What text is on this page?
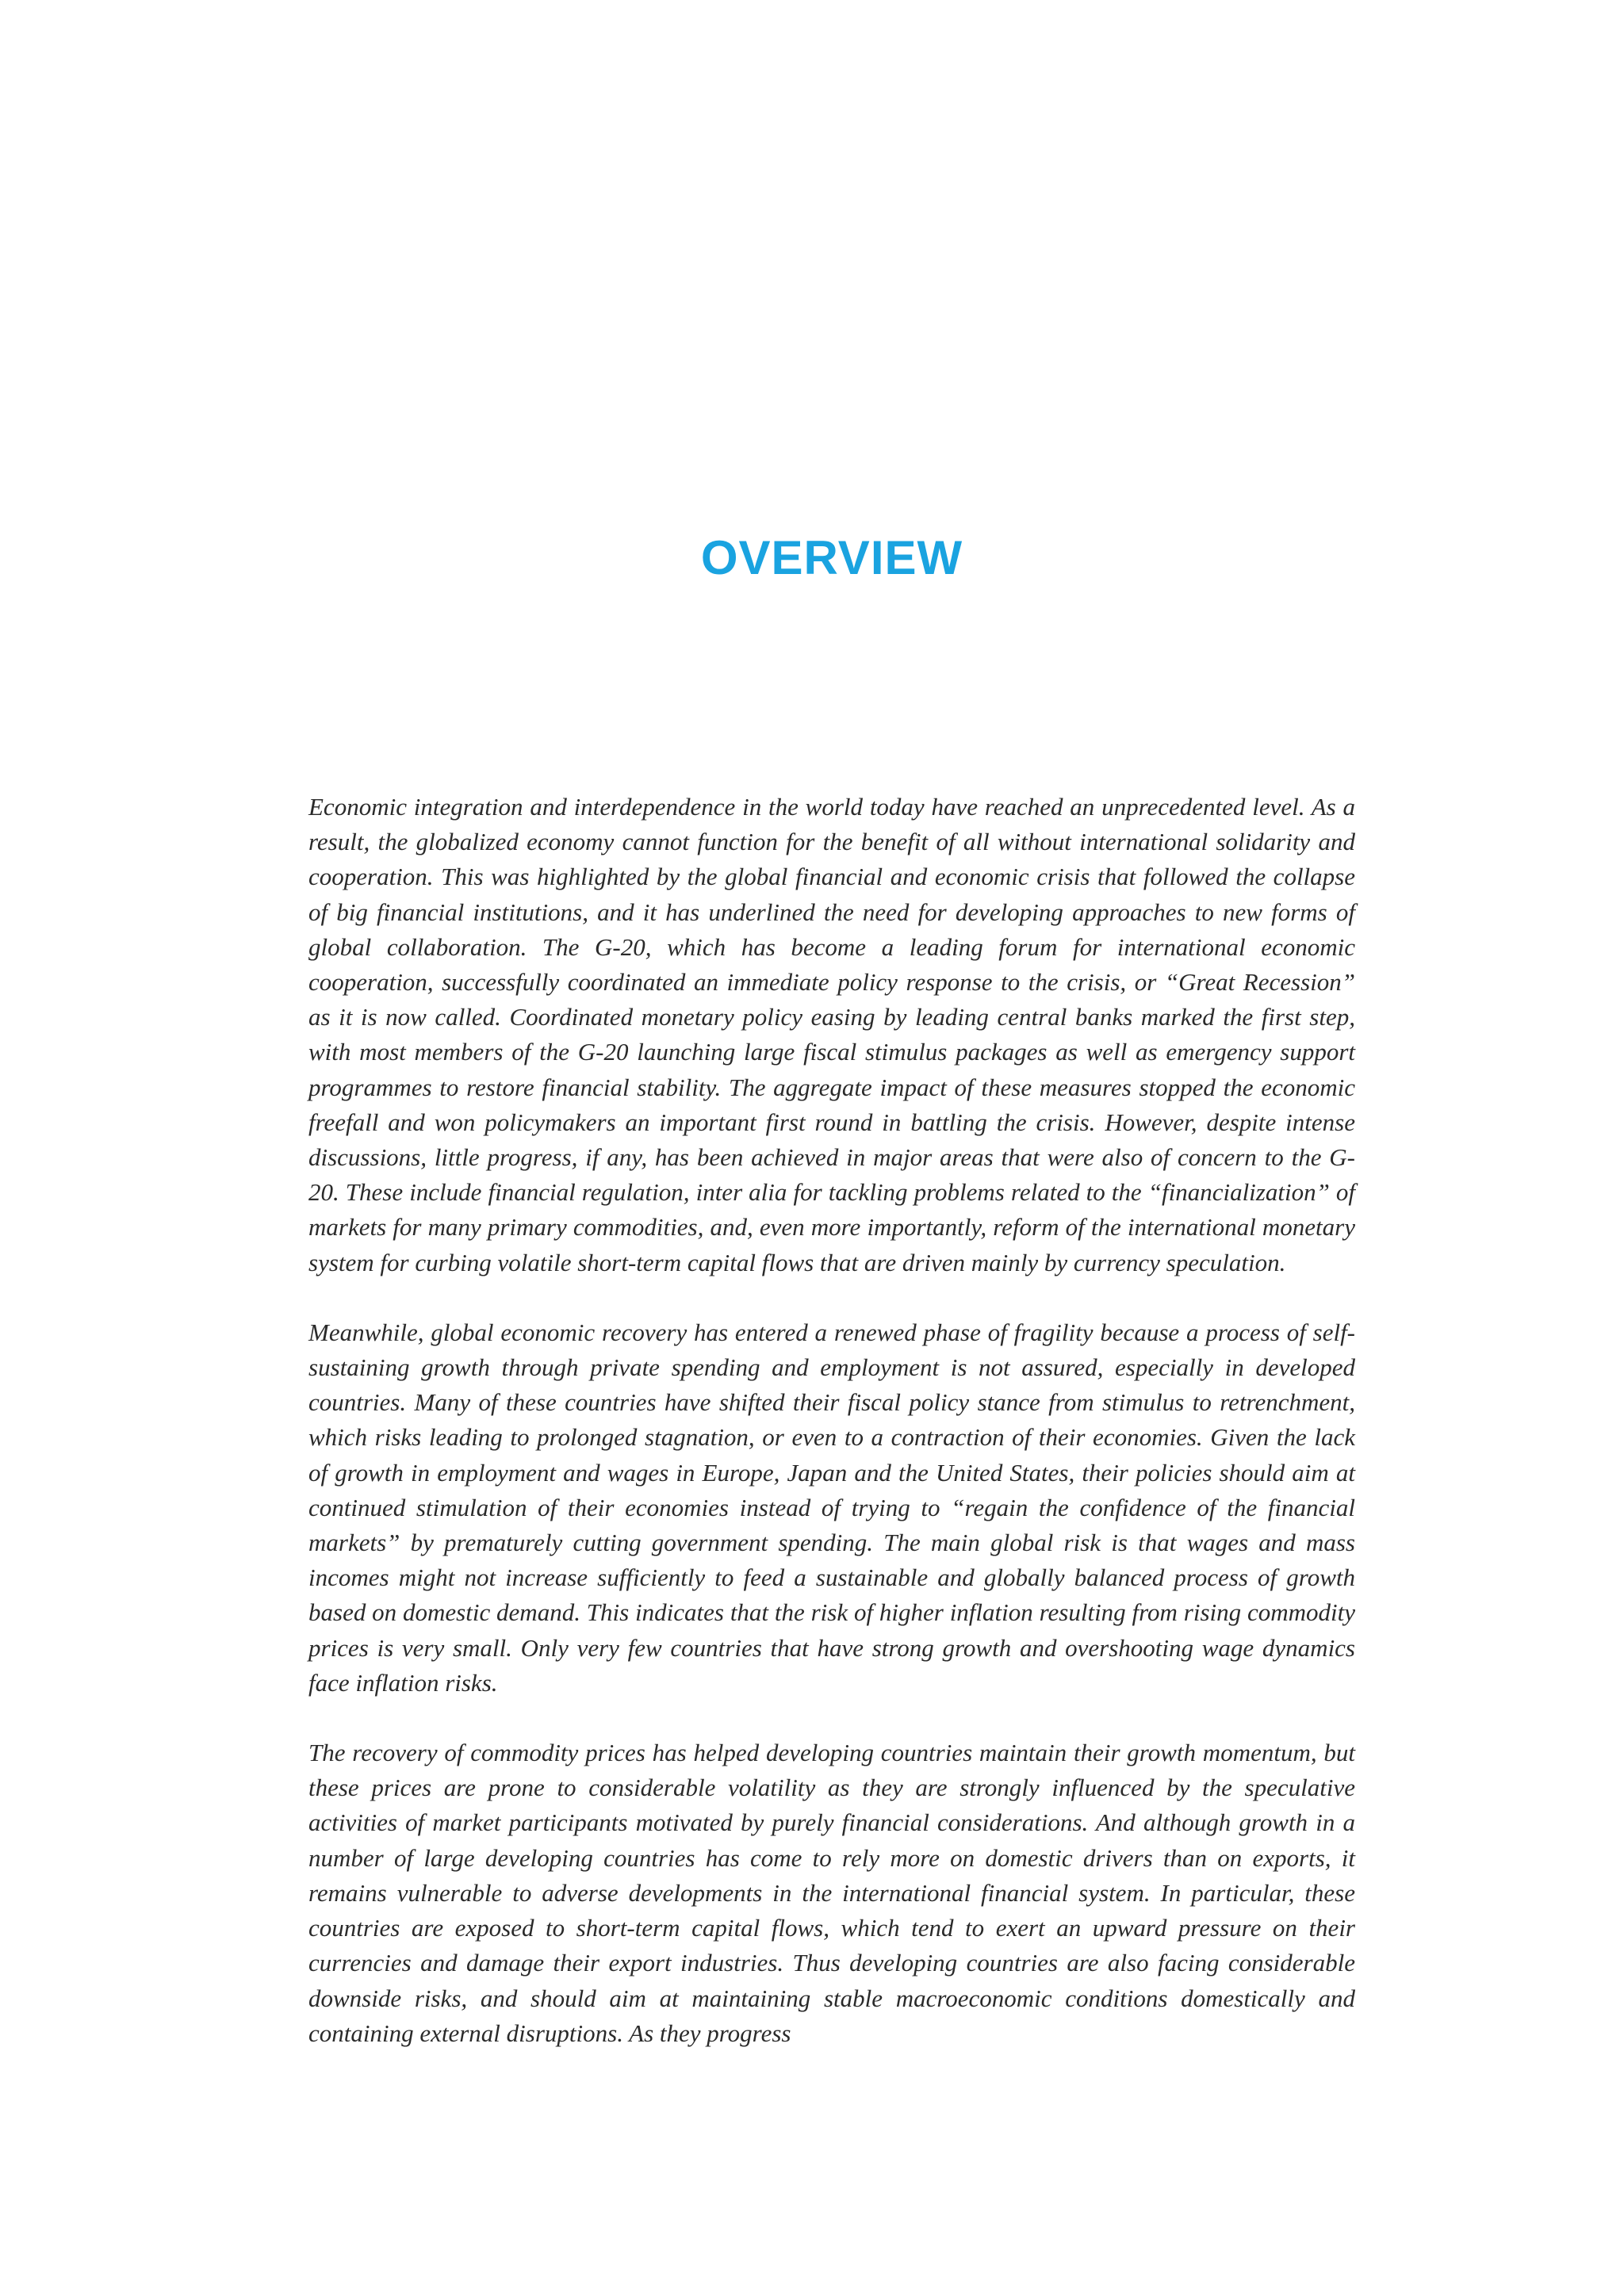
OVERVIEW

Economic integration and interdependence in the world today have reached an unprecedented level. As a result, the globalized economy cannot function for the benefit of all without international solidarity and cooperation. This was highlighted by the global financial and economic crisis that followed the collapse of big financial institutions, and it has underlined the need for developing approaches to new forms of global collaboration. The G-20, which has become a leading forum for international economic cooperation, successfully coordinated an immediate policy response to the crisis, or “Great Recession” as it is now called. Coordinated monetary policy easing by leading central banks marked the first step, with most members of the G-20 launching large fiscal stimulus packages as well as emergency support programmes to restore financial stability. The aggregate impact of these measures stopped the economic freefall and won policymakers an important first round in battling the crisis. However, despite intense discussions, little progress, if any, has been achieved in major areas that were also of concern to the G-20. These include financial regulation, inter alia for tackling problems related to the “financialization” of markets for many primary commodities, and, even more importantly, reform of the international monetary system for curbing volatile short-term capital flows that are driven mainly by currency speculation.

Meanwhile, global economic recovery has entered a renewed phase of fragility because a process of self-sustaining growth through private spending and employment is not assured, especially in developed countries. Many of these countries have shifted their fiscal policy stance from stimulus to retrenchment, which risks leading to prolonged stagnation, or even to a contraction of their economies. Given the lack of growth in employment and wages in Europe, Japan and the United States, their policies should aim at continued stimulation of their economies instead of trying to “regain the confidence of the financial markets” by prematurely cutting government spending. The main global risk is that wages and mass incomes might not increase sufficiently to feed a sustainable and globally balanced process of growth based on domestic demand. This indicates that the risk of higher inflation resulting from rising commodity prices is very small. Only very few countries that have strong growth and overshooting wage dynamics face inflation risks.

The recovery of commodity prices has helped developing countries maintain their growth momentum, but these prices are prone to considerable volatility as they are strongly influenced by the speculative activities of market participants motivated by purely financial considerations. And although growth in a number of large developing countries has come to rely more on domestic drivers than on exports, it remains vulnerable to adverse developments in the international financial system. In particular, these countries are exposed to short-term capital flows, which tend to exert an upward pressure on their currencies and damage their export industries. Thus developing countries are also facing considerable downside risks, and should aim at maintaining stable macroeconomic conditions domestically and containing external disruptions. As they progress
